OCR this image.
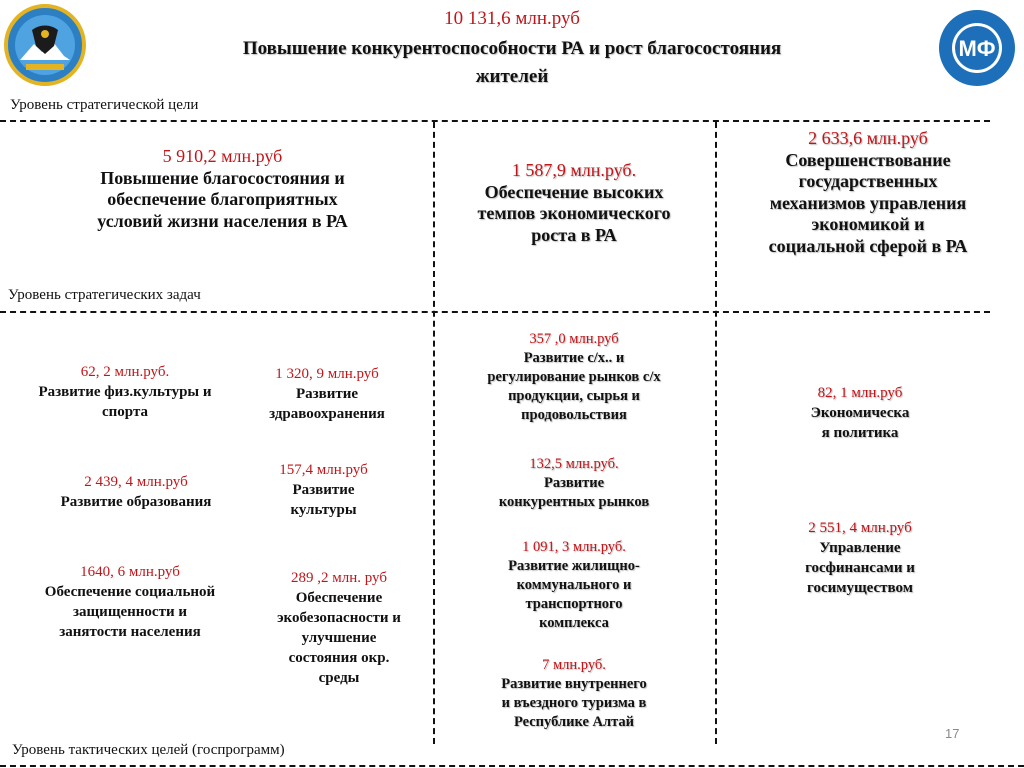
МФ
10 131,6 млн.руб
Повышение конкурентоспособности РА и рост благосостояния
жителей
Уровень стратегической цели
Уровень стратегических задач
Уровень тактических целей (госпрограмм)
5 910,2 млн.руб
Повышение благосостояния и
обеспечение благоприятных
условий жизни населения в РА
1 587,9 млн.руб.
Обеспечение высоких
темпов экономического
роста в РА
2 633,6 млн.руб
Совершенствование
государственных
механизмов управления
экономикой и
социальной сферой в РА
62, 2 млн.руб.
Развитие физ.культуры и
спорта
2 439, 4 млн.руб
Развитие образования
1640, 6 млн.руб
Обеспечение социальной
защищенности и
занятости населения
1 320, 9 млн.руб
Развитие
здравоохранения
157,4 млн.руб
Развитие
культуры
289 ,2 млн. руб
Обеспечение
экобезопасности и
улучшение
состояния окр.
среды
357 ,0 млн.руб
Развитие с/х.. и
регулирование рынков с/х
продукции, сырья и
продовольствия
132,5 млн.руб.
Развитие
конкурентных рынков
1 091, 3 млн.руб.
Развитие жилищно-
коммунального и
транспортного
комплекса
7 млн.руб.
Развитие внутреннего
и въездного туризма в
Республике Алтай
82, 1 млн.руб
Экономическа
я политика
2 551, 4 млн.руб
Управление
госфинансами и
госимуществом
17
